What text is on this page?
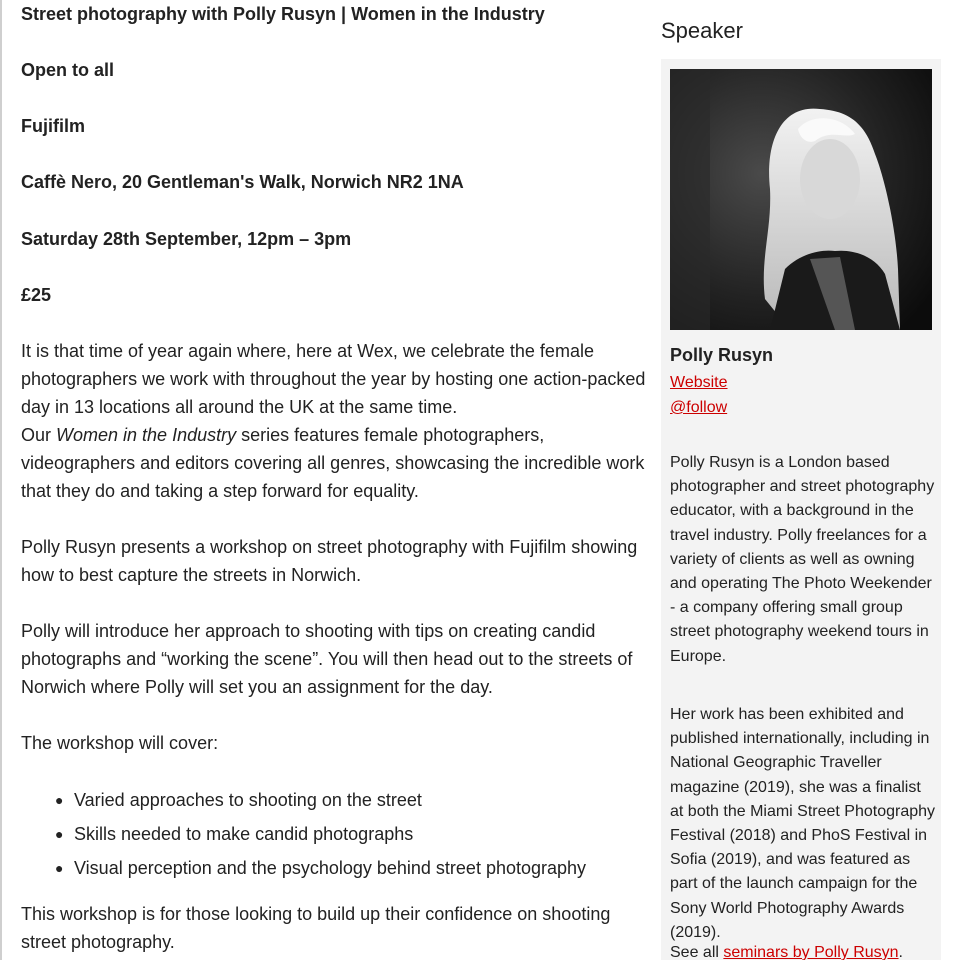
Street photography with Polly Rusyn | Women in the Industry

Open to all

Fujifilm

Caffè Nero, 20 Gentleman's Walk, Norwich NR2 1NA

Saturday 28th September, 12pm – 3pm

£25

It is that time of year again where, here at Wex, we celebrate the female photographers we work with throughout the year by hosting one action-packed day in 13 locations all around the UK at the same time.
Our Women in the Industry series features female photographers, videographers and editors covering all genres, showcasing the incredible work that they do and taking a step forward for equality.

Polly Rusyn presents a workshop on street photography with Fujifilm showing how to best capture the streets in Norwich.

Polly will introduce her approach to shooting with tips on creating candid photographs and “working the scene”. You will then head out to the streets of Norwich where Polly will set you an assignment for the day.

The workshop will cover:

● Varied approaches to shooting on the street
● Skills needed to make candid photographs
● Visual perception and the psychology behind street photography

This workshop is for those looking to build up their confidence on shooting street photography.

Speaker
Polly Rusyn
Website
@follow

Polly Rusyn is a London based photographer and street photography educator, with a background in the travel industry. Polly freelances for a variety of clients as well as owning and operating The Photo Weekender - a company offering small group street photography weekend tours in Europe.

Her work has been exhibited and published internationally, including in National Geographic Traveller magazine (2019), she was a finalist at both the Miami Street Photography Festival (2018) and PhoS Festival in Sofia (2019), and was featured as part of the launch campaign for the Sony World Photography Awards (2019).

See all seminars by Polly Rusyn.
